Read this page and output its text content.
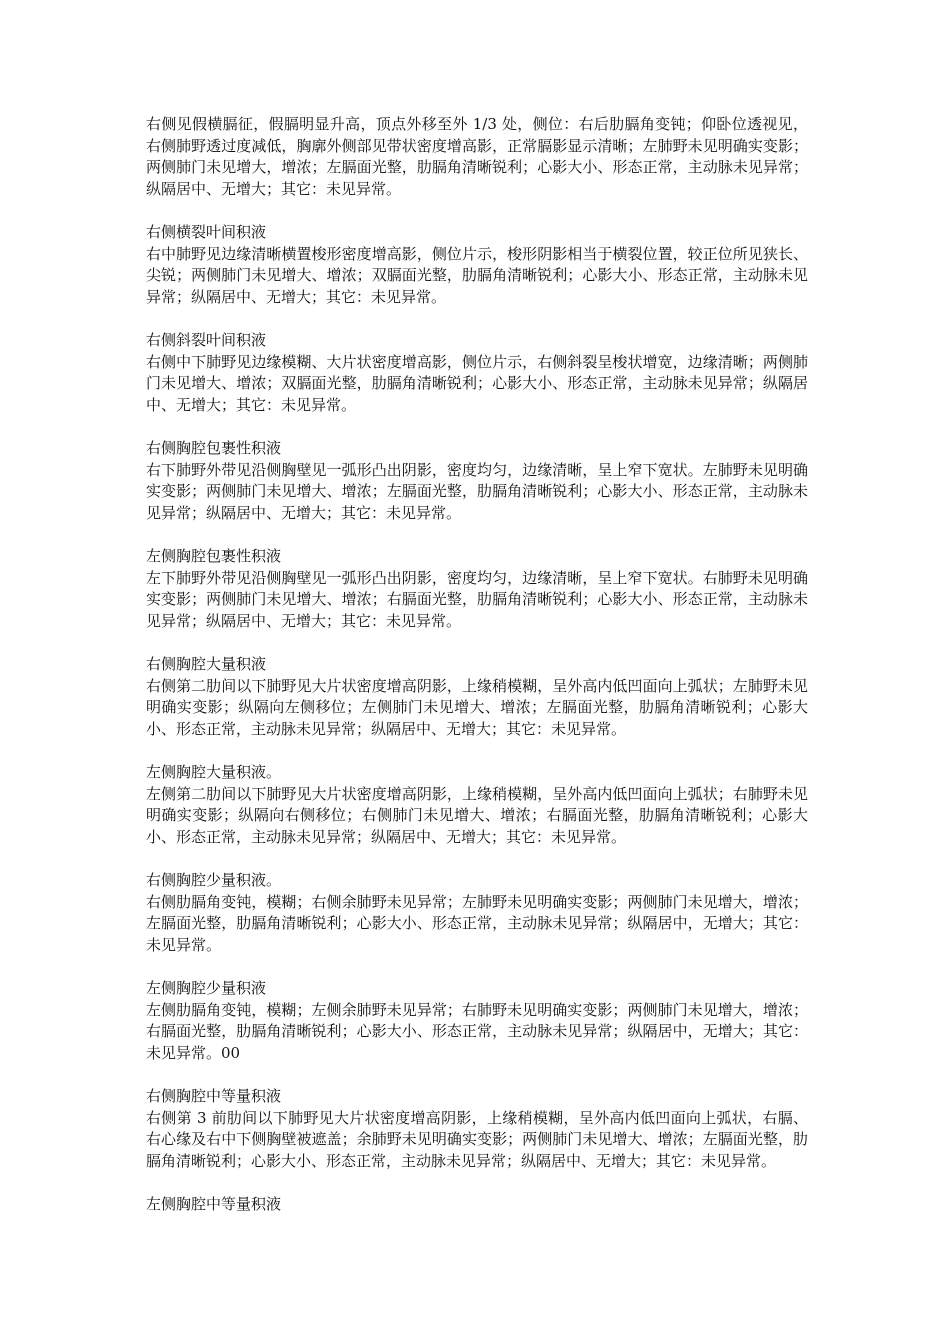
右侧见假横膈征，假膈明显升高，顶点外移至外 1/3 处，侧位：右后肋膈角变钝；仰卧位透视见，右侧肺野透过度减低，胸廓外侧部见带状密度增高影，正常膈影显示清晰；左肺野未见明确实变影；两侧肺门未见增大，增浓；左膈面光整，肋膈角清晰锐利；心影大小、形态正常，主动脉未见异常；纵隔居中、无增大；其它：未见异常。
右侧横裂叶间积液
右中肺野见边缘清晰横置梭形密度增高影，侧位片示，梭形阴影相当于横裂位置，较正位所见狭长、尖锐；两侧肺门未见增大、增浓；双膈面光整，肋膈角清晰锐利；心影大小、形态正常，主动脉未见异常；纵隔居中、无增大；其它：未见异常。
右侧斜裂叶间积液
右侧中下肺野见边缘模糊、大片状密度增高影，侧位片示，右侧斜裂呈梭状增宽，边缘清晰；两侧肺门未见增大、增浓；双膈面光整，肋膈角清晰锐利；心影大小、形态正常，主动脉未见异常；纵隔居中、无增大；其它：未见异常。
右侧胸腔包裹性积液
右下肺野外带见沿侧胸壁见一弧形凸出阴影，密度均匀，边缘清晰，呈上窄下宽状。左肺野未见明确实变影；两侧肺门未见增大、增浓；左膈面光整，肋膈角清晰锐利；心影大小、形态正常，主动脉未见异常；纵隔居中、无增大；其它：未见异常。
左侧胸腔包裹性积液
左下肺野外带见沿侧胸壁见一弧形凸出阴影，密度均匀，边缘清晰，呈上窄下宽状。右肺野未见明确实变影；两侧肺门未见增大、增浓；右膈面光整，肋膈角清晰锐利；心影大小、形态正常，主动脉未见异常；纵隔居中、无增大；其它：未见异常。
右侧胸腔大量积液
右侧第二肋间以下肺野见大片状密度增高阴影，上缘稍模糊，呈外高内低凹面向上弧状；左肺野未见明确实变影；纵隔向左侧移位；左侧肺门未见增大、增浓；左膈面光整，肋膈角清晰锐利；心影大小、形态正常，主动脉未见异常；纵隔居中、无增大；其它：未见异常。
左侧胸腔大量积液。
左侧第二肋间以下肺野见大片状密度增高阴影，上缘稍模糊，呈外高内低凹面向上弧状；右肺野未见明确实变影；纵隔向右侧移位；右侧肺门未见增大、增浓；右膈面光整，肋膈角清晰锐利；心影大小、形态正常，主动脉未见异常；纵隔居中、无增大；其它：未见异常。
右侧胸腔少量积液。
右侧肋膈角变钝，模糊；右侧余肺野未见异常；左肺野未见明确实变影；两侧肺门未见增大，增浓；左膈面光整，肋膈角清晰锐利；心影大小、形态正常，主动脉未见异常；纵隔居中，无增大；其它：未见异常。
左侧胸腔少量积液
左侧肋膈角变钝，模糊；左侧余肺野未见异常；右肺野未见明确实变影；两侧肺门未见增大，增浓；右膈面光整，肋膈角清晰锐利；心影大小、形态正常，主动脉未见异常；纵隔居中，无增大；其它：未见异常。00
右侧胸腔中等量积液
右侧第 3 前肋间以下肺野见大片状密度增高阴影，上缘稍模糊，呈外高内低凹面向上弧状，右膈、右心缘及右中下侧胸壁被遮盖；余肺野未见明确实变影；两侧肺门未见增大、增浓；左膈面光整，肋膈角清晰锐利；心影大小、形态正常，主动脉未见异常；纵隔居中、无增大；其它：未见异常。
左侧胸腔中等量积液
